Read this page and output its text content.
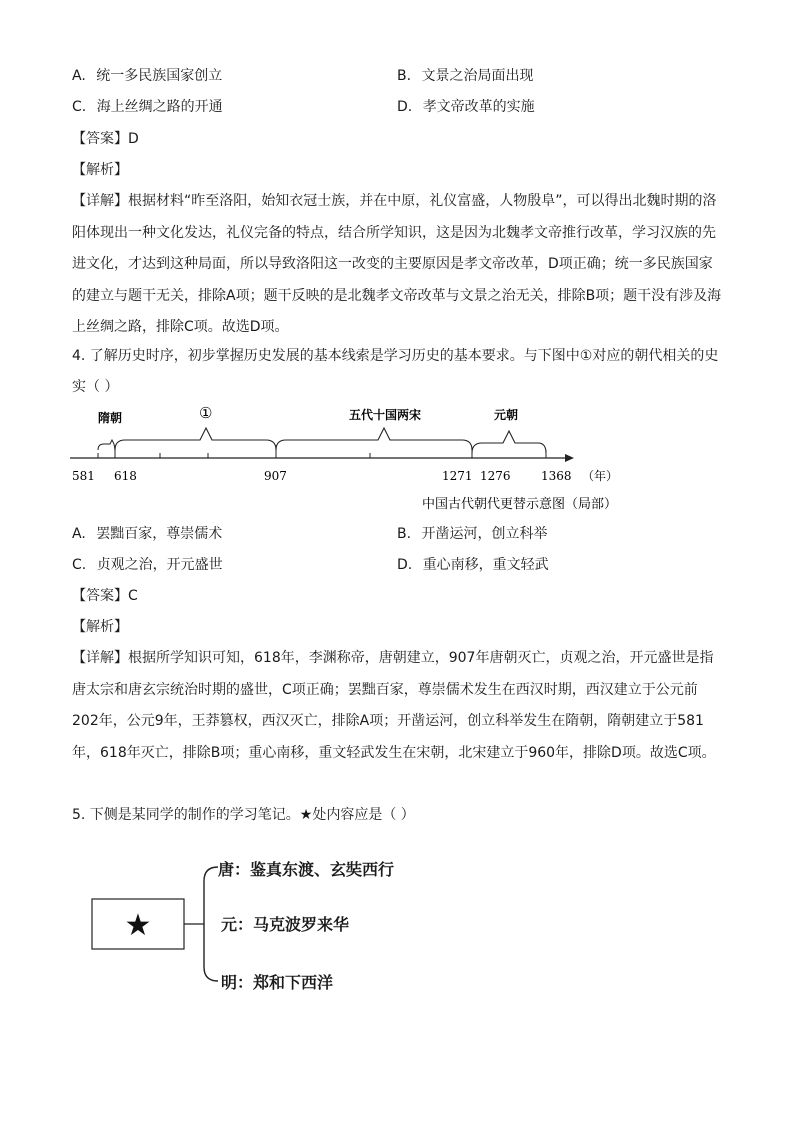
A. 统一多民族国家创立	B. 文景之治局面出现
C. 海上丝绸之路的开通	D. 孝文帝改革的实施
【答案】D
【解析】
【详解】根据材料“昨至洛阳，始知衣冠士族，并在中原，礼仪富盛，人物殷阜”，可以得出北魏时期的洛阳体现出一种文化发达，礼仪完备的特点，结合所学知识，这是因为北魏孝文帝推行改革，学习汉族的先进文化，才达到这种局面，所以导致洛阳这一改变的主要原因是孝文帝改革，D项正确；统一多民族国家的建立与题干无关，排除A项；题干反映的是北魏孝文帝改革与文景之治无关，排除B项；题干没有涉及海上丝绸之路，排除C项。故选D项。
4. 了解历史时序，初步掌握历史发展的基本线索是学习历史的基本要求。与下图中①对应的朝代相关的史
实（ ）
隋朝	①	五代十国两宋	元朝
581 618	907	1271 1276	1368 （年）
中国古代朝代更替示意图（局部）
A. 罢黜百家，尊崇儒术	B. 开凿运河，创立科举
C. 贞观之治，开元盛世	D. 重心南移，重文轻武
【答案】C
【解析】
【详解】根据所学知识可知，618年，李渊称帝，唐朝建立，907年唐朝灭亡，贞观之治，开元盛世是指唐太宗和唐玄宗统治时期的盛世，C项正确；罢黜百家，尊崇儒术发生在西汉时期，西汉建立于公元前202年，公元9年，王莽篡权，西汉灭亡，排除A项；开凿运河，创立科举发生在隋朝，隋朝建立于581年，618年灭亡，排除B项；重心南移，重文轻武发生在宋朝，北宋建立于960年，排除D项。故选C项。
5. 下侧是某同学的制作的学习笔记。★处内容应是（ ）
★
唐：鉴真东渡、玄奘西行
元：马克波罗来华
明：郑和下西洋
